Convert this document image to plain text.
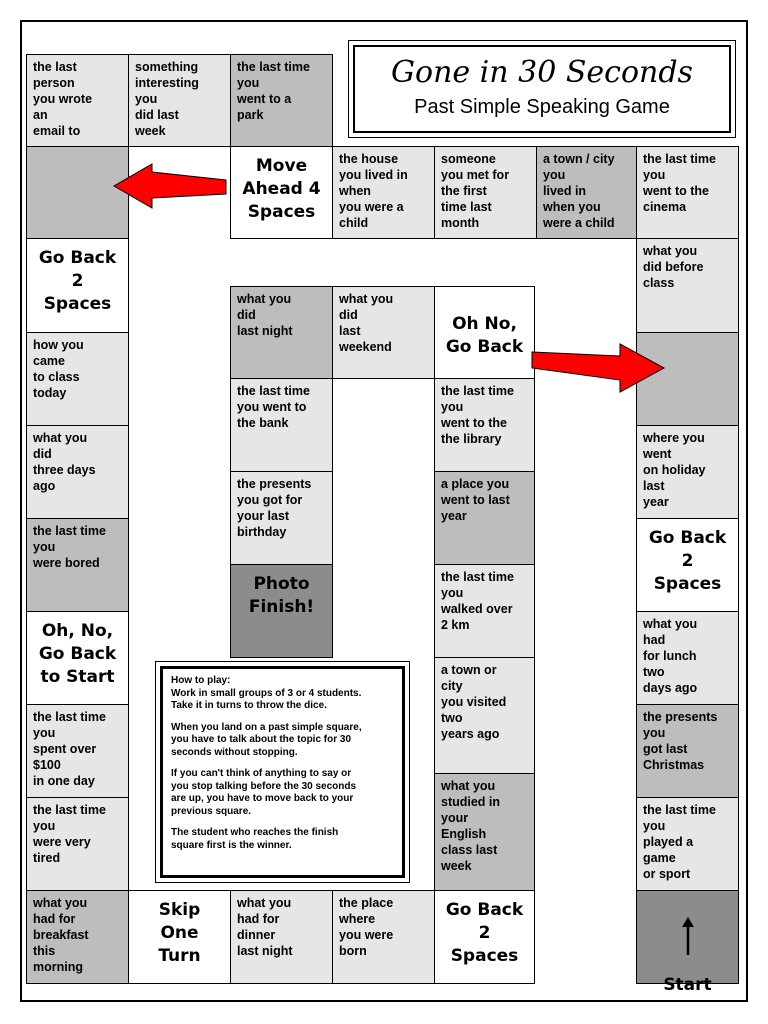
Gone in 30 Seconds
Past Simple Speaking Game
the last
person
you wrote
an
email to
something
interesting
you
did last
week
the last time
you
went to a
park
Move
Ahead 4
Spaces
the house
you lived in
when
you were a
child
someone
you met for
the first
time last
month
a town / city
you
lived in
when you
were a child
the last time
you
went to the
cinema
Go Back
2
Spaces
what you
did before
class
what you
did
last night
what you
did
last
weekend
Oh No,
Go Back
how you
came
to class
today	the last time
you went to
the bank
the last time
you
went to the
the library
what you
did
three days
ago
where you
went
on holiday
last
year
the presents
you got for
your last
birthday
a place you
went to last
year
the last time
you
were bored
Go Back
2
Spaces
Photo
Finish!
the last time
you
walked over
2 km
Oh, No,
Go Back
to Start
what you
had
for lunch
two
days ago
a town or
city
you visited
two
years ago
the last time
you
spent over
$100
in one day
the presents
you
got last
Christmas
what you
studied in
your
English
class last
week
the last time
you
were very
tired
the last time
you
played a
game
or sport
what you
had for
breakfast
this
morning
Skip
One
Turn
what you
had for
dinner
last night
the place
where
you were
born
Go Back
2
Spaces

Start

How to play:
Work in small groups of 3 or 4 students.
Take it in turns to throw the dice.

When you land on a past simple square,
you have to talk about the topic for 30
seconds without stopping.

If you can't think of anything to say or
you stop talking before the 30 seconds
are up, you have to move back to your
previous square.

The student who reaches the finish
square first is the winner.
